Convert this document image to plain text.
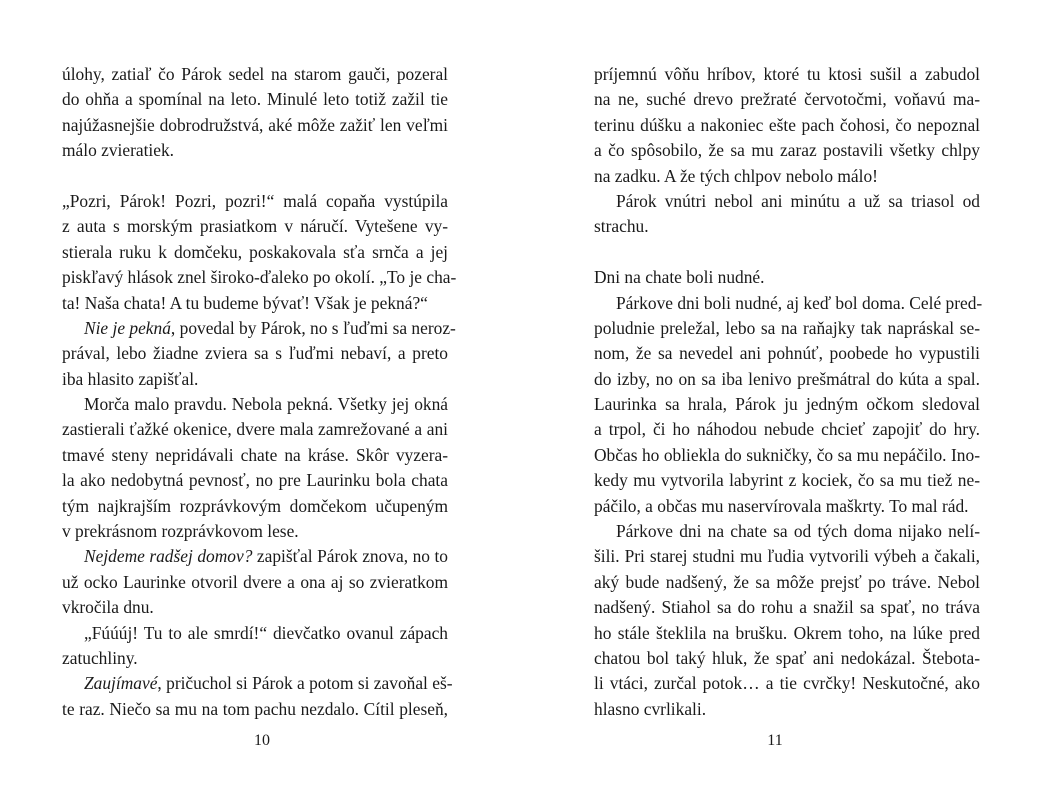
úlohy, zatiaľ čo Párok sedel na starom gauči, pozeral
do ohňa a spomínal na leto. Minulé leto totiž zažil tie
najúžasnejšie dobrodružstvá, aké môže zažiť len veľmi
málo zvieratiek.
„Pozri, Párok! Pozri, pozri!“ malá copaňa vystúpila
z auta s morským prasiatkom v náručí. Vytešene vy-
stierala ruku k domčeku, poskakovala sťa srnča a jej
piskľavý hlások znel široko-ďaleko po okolí. „To je cha-
ta! Naša chata! A tu budeme bývať! Však je pekná?“
Nie je pekná, povedal by Párok, no s ľuďmi sa neroz-
prával, lebo žiadne zviera sa s ľuďmi nebaví, a preto
iba hlasito zapišťal.
Morča malo pravdu. Nebola pekná. Všetky jej okná
zastierali ťažké okenice, dvere mala zamrežované a ani
tmavé steny nepridávali chate na kráse. Skôr vyzera-
la ako nedobytná pevnosť, no pre Laurinku bola chata
tým najkrajším rozprávkovým domčekom učupeným
v prekrásnom rozprávkovom lese.
Nejdeme radšej domov? zapišťal Párok znova, no to
už ocko Laurinke otvoril dvere a ona aj so zvieratkom
vkročila dnu.
„Fúúúj! Tu to ale smrdí!“ dievčatko ovanul zápach
zatuchliny.
Zaujímavé, pričuchol si Párok a potom si zavoňal eš-
te raz. Niečo sa mu na tom pachu nezdalo. Cítil pleseň,
10
príjemnú vôňu hríbov, ktoré tu ktosi sušil a zabudol
na ne, suché drevo prežraté červotočmi, voňavú ma-
terinu dúšku a nakoniec ešte pach čohosi, čo nepoznal
a čo spôsobilo, že sa mu zaraz postavili všetky chlpy
na zadku. A že tých chlpov nebolo málo!
Párok vnútri nebol ani minútu a už sa triasol od
strachu.
Dni na chate boli nudné.
Párkove dni boli nudné, aj keď bol doma. Celé pred-
poludnie preležal, lebo sa na raňajky tak napráskal se-
nom, že sa nevedel ani pohnúť, poobede ho vypustili
do izby, no on sa iba lenivo prešmátral do kúta a spal.
Laurinka sa hrala, Párok ju jedným očkom sledoval
a trpol, či ho náhodou nebude chcieť zapojiť do hry.
Občas ho obliekla do sukničky, čo sa mu nepáčilo. Ino-
kedy mu vytvorila labyrint z kociek, čo sa mu tiež ne-
páčilo, a občas mu naservírovala maškrty. To mal rád.
Párkove dni na chate sa od tých doma nijako nelí-
šili. Pri starej studni mu ľudia vytvorili výbeh a čakali,
aký bude nadšený, že sa môže prejsť po tráve. Nebol
nadšený. Stiahol sa do rohu a snažil sa spať, no tráva
ho stále šteklila na brušku. Okrem toho, na lúke pred
chatou bol taký hluk, že spať ani nedokázal. Štebota-
li vtáci, zurčal potok… a tie cvrčky! Neskutočné, ako
hlasno cvrlikali.
11
